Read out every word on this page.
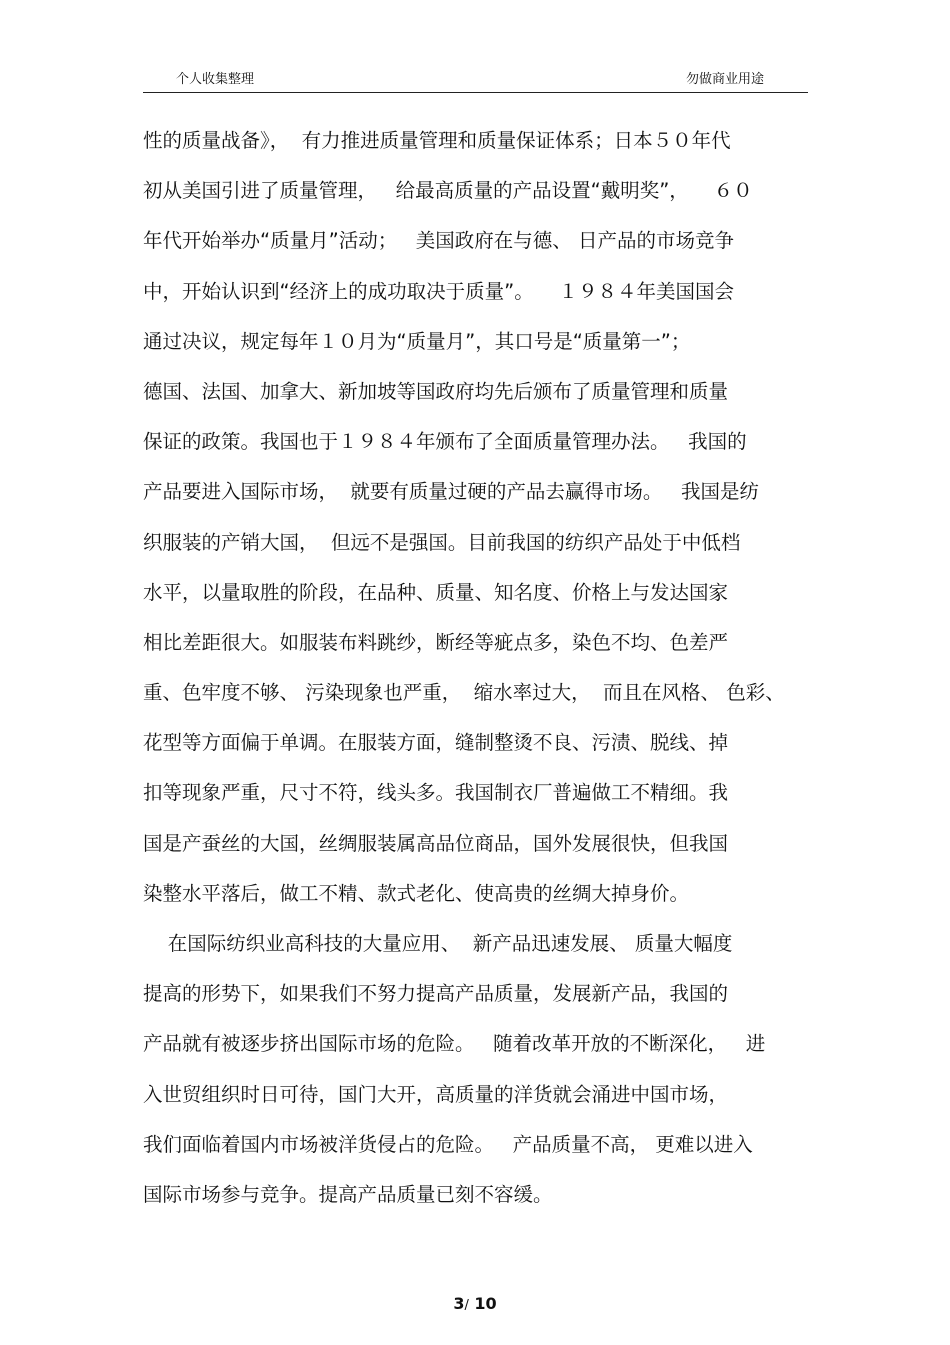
个人收集整理	勿做商业用途
性的质量战备》，  有力推进质量管理和质量保证体系；日本５０年代
初从美国引进了质量管理，   给最高质量的产品设置“戴明奖”，    ６０
年代开始举办“质量月”活动；   美国政府在与德、 日产品的市场竞争
中，开始认识到“经济上的成功取决于质量”。    １９８４年美国国会
通过决议，规定每年１０月为“质量月”，其口号是“质量第一”；
德国、法国、加拿大、新加坡等国政府均先后颁布了质量管理和质量
保证的政策。我国也于１９８４年颁布了全面质量管理办法。   我国的
产品要进入国际市场，  就要有质量过硬的产品去赢得市场。   我国是纺
织服装的产销大国，  但远不是强国。目前我国的纺织产品处于中低档
水平，以量取胜的阶段，在品种、质量、知名度、价格上与发达国家
相比差距很大。如服装布料跳纱，断经等疵点多，染色不均、色差严
重、色牢度不够、 污染现象也严重，  缩水率过大，  而且在风格、 色彩、
花型等方面偏于单调。在服装方面，缝制整烫不良、污渍、脱线、掉
扣等现象严重，尺寸不符，线头多。我国制衣厂普遍做工不精细。我
国是产蚕丝的大国，丝绸服装属高品位商品，国外发展很快，但我国
染整水平落后，做工不精、款式老化、使高贵的丝绸大掉身价。
在国际纺织业高科技的大量应用、  新产品迅速发展、 质量大幅度
提高的形势下，如果我们不努力提高产品质量，发展新产品，我国的
产品就有被逐步挤出国际市场的危险。   随着改革开放的不断深化，   进
入世贸组织时日可待，国门大开，高质量的洋货就会涌进中国市场，
我们面临着国内市场被洋货侵占的危险。   产品质量不高， 更难以进入
国际市场参与竞争。提高产品质量已刻不容缓。
3/ 10
